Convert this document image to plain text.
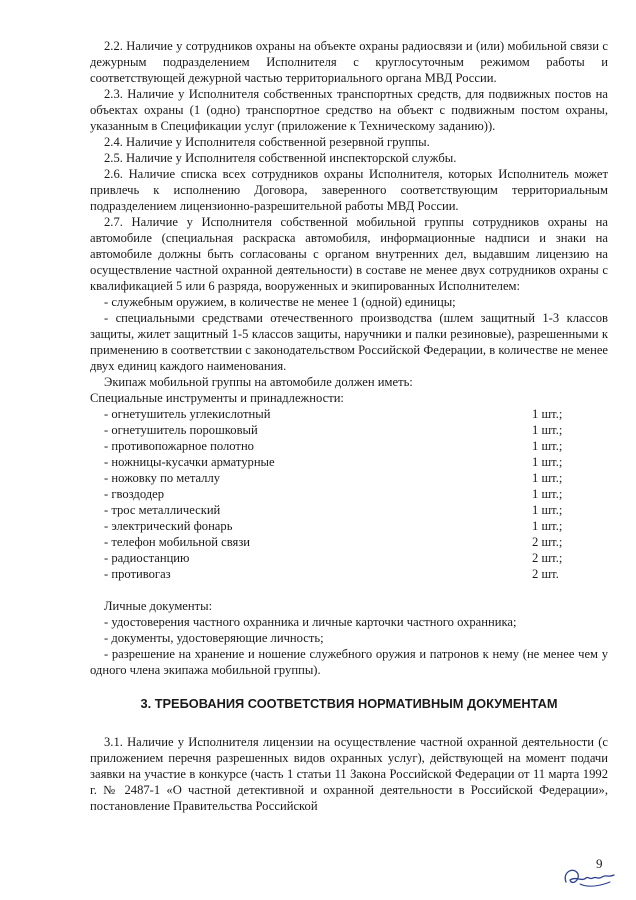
2.2. Наличие у сотрудников охраны на объекте охраны радиосвязи и (или) мобильной связи с дежурным подразделением Исполнителя с круглосуточным режимом работы и соответствующей дежурной частью территориального органа МВД России.

2.3. Наличие у Исполнителя собственных транспортных средств, для подвижных постов на объектах охраны (1 (одно) транспортное средство на объект с подвижным постом охраны, указанным в Спецификации услуг (приложение к Техническому заданию)).

2.4. Наличие у Исполнителя собственной резервной группы.

2.5. Наличие у Исполнителя собственной инспекторской службы.

2.6. Наличие списка всех сотрудников охраны Исполнителя, которых Исполнитель может привлечь к исполнению Договора, заверенного соответствующим территориальным подразделением лицензионно-разрешительной работы МВД России.

2.7. Наличие у Исполнителя собственной мобильной группы сотрудников охраны на автомобиле (специальная раскраска автомобиля, информационные надписи и знаки на автомобиле должны быть согласованы с органом внутренних дел, выдавшим лицензию на осуществление частной охранной деятельности) в составе не менее двух сотрудников охраны с квалификацией 5 или 6 разряда, вооруженных и экипированных Исполнителем:

- служебным оружием, в количестве не менее 1 (одной) единицы;

- специальными средствами отечественного производства (шлем защитный 1-3 классов защиты, жилет защитный 1-5 классов защиты, наручники и палки резиновые), разрешенными к применению в соответствии с законодательством Российской Федерации, в количестве не менее двух единиц каждого наименования.

Экипаж мобильной группы на автомобиле должен иметь:

Специальные инструменты и принадлежности:

- огнетушитель углекислотный	1 шт.;
- огнетушитель порошковый	1 шт.;
- противопожарное полотно	1 шт.;
- ножницы-кусачки арматурные	1 шт.;
- ножовку по металлу	1 шт.;
- гвоздодер	1 шт.;
- трос металлический	1 шт.;
- электрический фонарь	1 шт.;
- телефон мобильной связи	2 шт.;
- радиостанцию	2 шт.;
- противогаз	2 шт.

Личные документы:

- удостоверения частного охранника и личные карточки частного охранника;

- документы, удостоверяющие личность;

- разрешение на хранение и ношение служебного оружия и патронов к нему (не менее чем у одного члена экипажа мобильной группы).

3. ТРЕБОВАНИЯ СООТВЕТСТВИЯ НОРМАТИВНЫМ ДОКУМЕНТАМ

3.1. Наличие у Исполнителя лицензии на осуществление частной охранной деятельности (с приложением перечня разрешенных видов охранных услуг), действующей на момент подачи заявки на участие в конкурсе (часть 1 статьи 11 Закона Российской Федерации от 11 марта 1992 г. № 2487-1 «О частной детективной и охранной деятельности в Российской Федерации», постановление Правительства Российской

9
